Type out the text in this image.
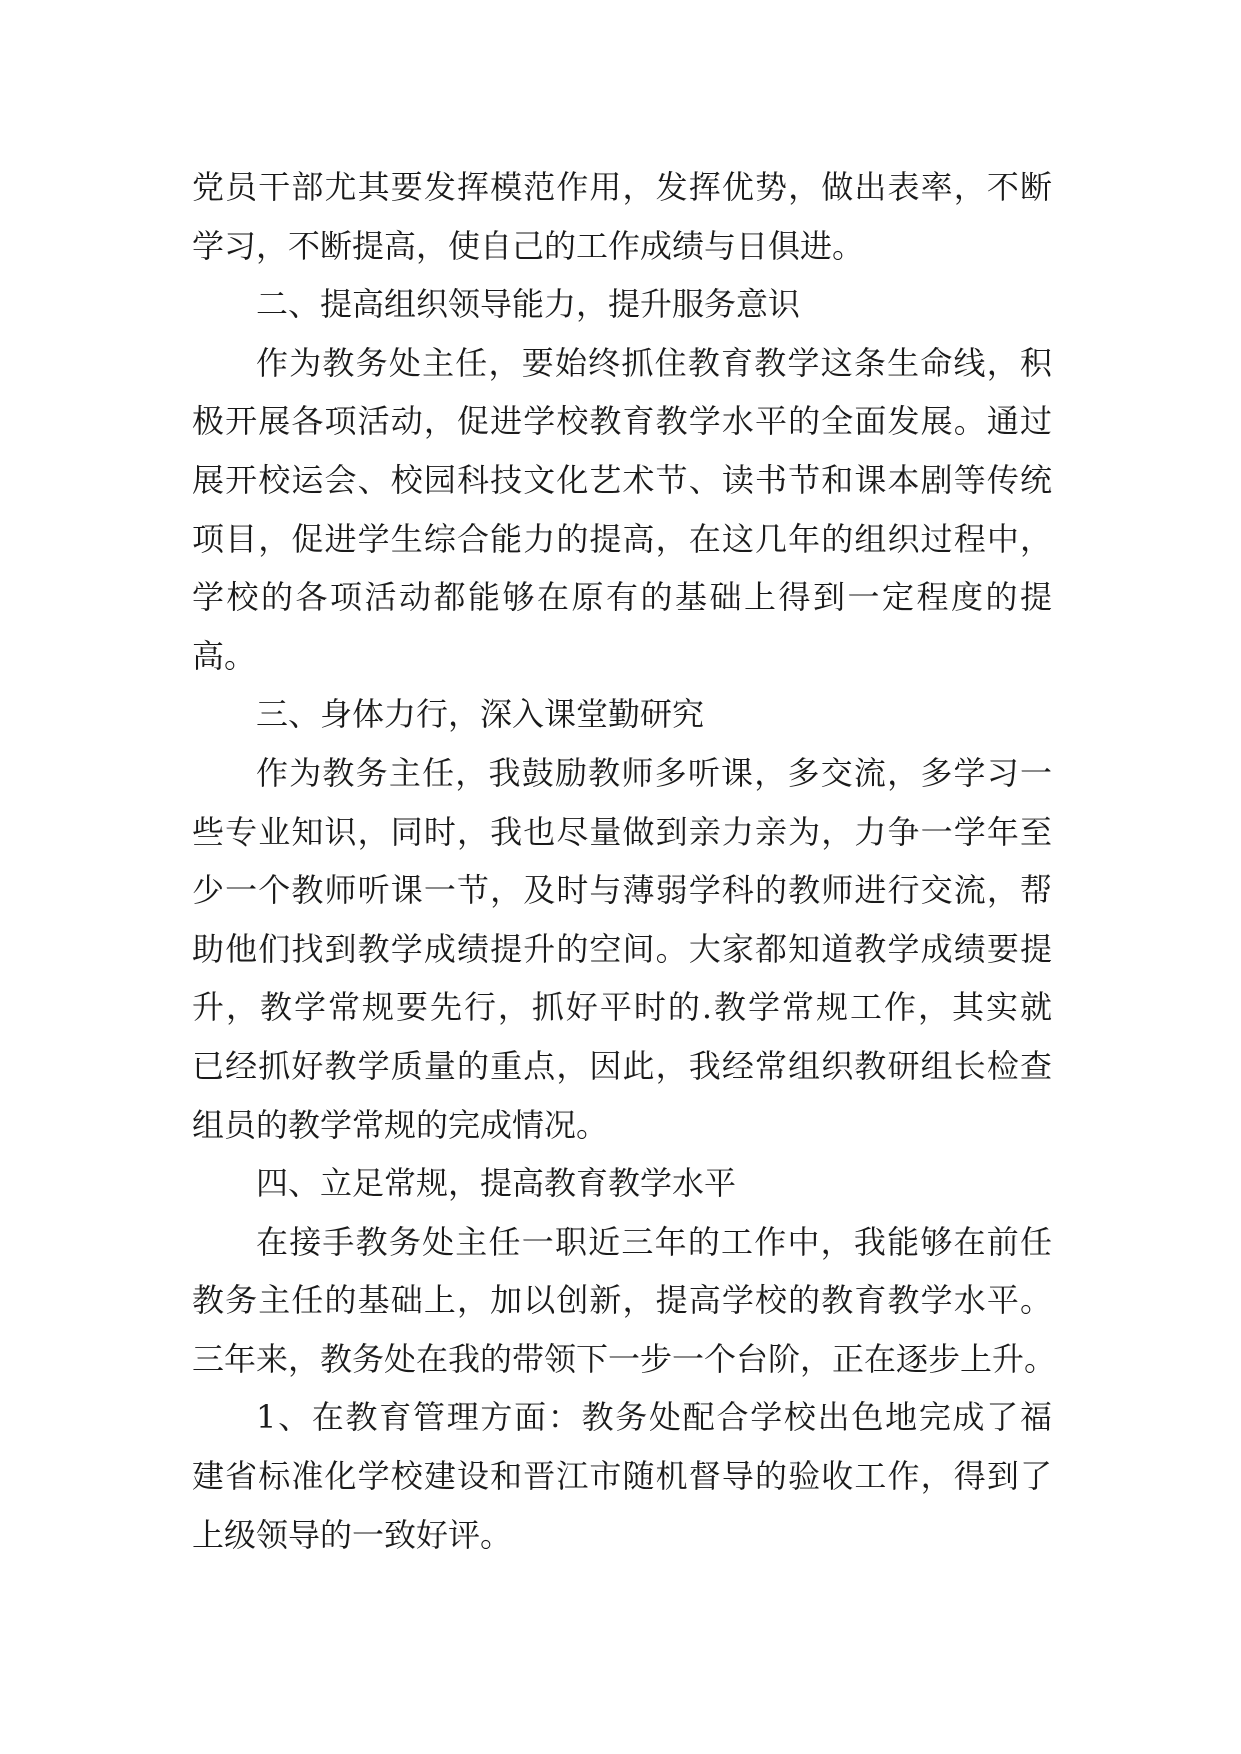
党员干部尤其要发挥模范作用，发挥优势，做出表率，不断
学习，不断提高，使自己的工作成绩与日俱进。
二、提高组织领导能力，提升服务意识
作为教务处主任，要始终抓住教育教学这条生命线，积
极开展各项活动，促进学校教育教学水平的全面发展。通过
展开校运会、校园科技文化艺术节、读书节和课本剧等传统
项目，促进学生综合能力的提高，在这几年的组织过程中，
学校的各项活动都能够在原有的基础上得到一定程度的提
高。
三、身体力行，深入课堂勤研究
作为教务主任，我鼓励教师多听课，多交流，多学习一
些专业知识，同时，我也尽量做到亲力亲为，力争一学年至
少一个教师听课一节，及时与薄弱学科的教师进行交流，帮
助他们找到教学成绩提升的空间。大家都知道教学成绩要提
升，教学常规要先行，抓好平时的.教学常规工作，其实就
已经抓好教学质量的重点，因此，我经常组织教研组长检查
组员的教学常规的完成情况。
四、立足常规，提高教育教学水平
在接手教务处主任一职近三年的工作中，我能够在前任
教务主任的基础上，加以创新，提高学校的教育教学水平。
三年来，教务处在我的带领下一步一个台阶，正在逐步上升。
1、在教育管理方面：教务处配合学校出色地完成了福
建省标准化学校建设和晋江市随机督导的验收工作，得到了
上级领导的一致好评。
